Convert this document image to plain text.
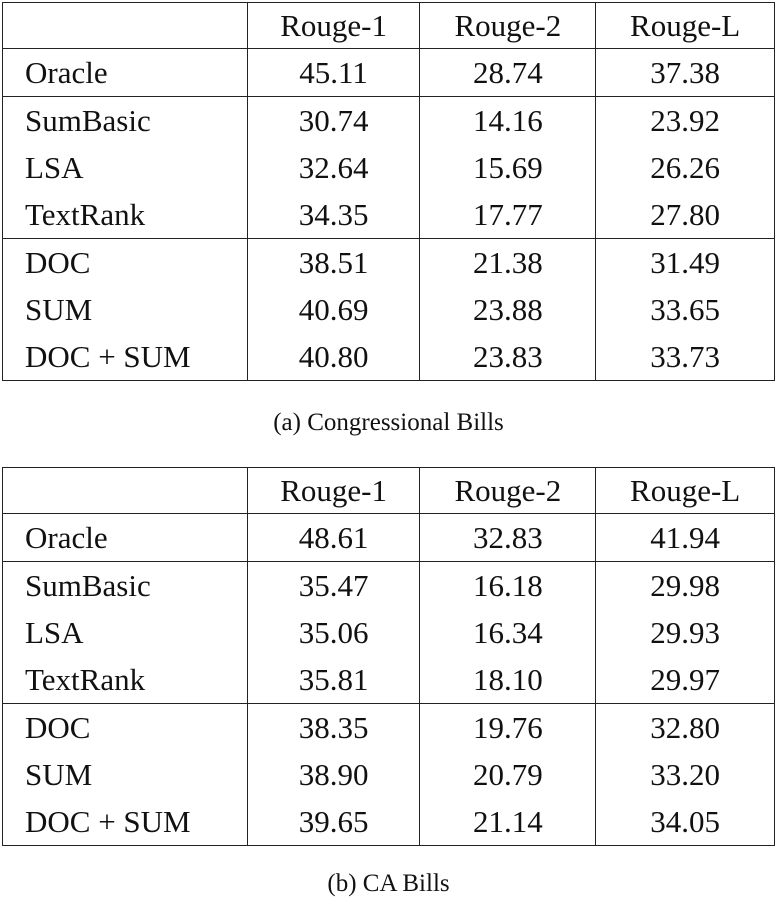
	Rouge-1	Rouge-2	Rouge-L
Oracle	45.11	28.74	37.38
SumBasic	30.74	14.16	23.92
LSA	32.64	15.69	26.26
TextRank	34.35	17.77	27.80
DOC	38.51	21.38	31.49
SUM	40.69	23.88	33.65
DOC + SUM	40.80	23.83	33.73
(a) Congressional Bills
	Rouge-1	Rouge-2	Rouge-L
Oracle	48.61	32.83	41.94
SumBasic	35.47	16.18	29.98
LSA	35.06	16.34	29.93
TextRank	35.81	18.10	29.97
DOC	38.35	19.76	32.80
SUM	38.90	20.79	33.20
DOC + SUM	39.65	21.14	34.05
(b) CA Bills
